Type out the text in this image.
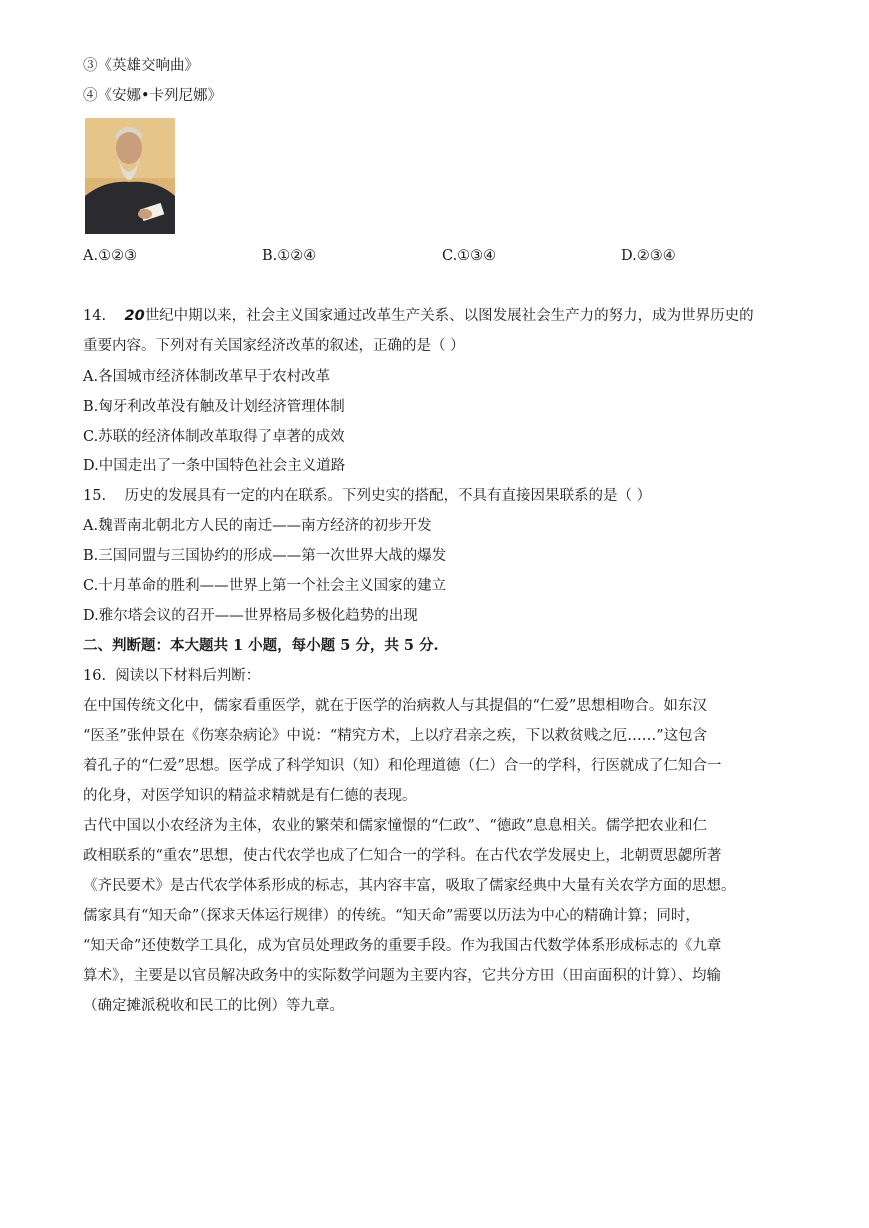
③《英雄交响曲》
④《安娜•卡列尼娜》
A.①②③	B.①②④	C.①③④	D.②③④
14. 20世纪中期以来，社会主义国家通过改革生产关系、以图发展社会生产力的努力，成为世界历史的
重要内容。下列对有关国家经济改革的叙述，正确的是（ ）
A.各国城市经济体制改革早于农村改革
B.匈牙利改革没有触及计划经济管理体制
C.苏联的经济体制改革取得了卓著的成效
D.中国走出了一条中国特色社会主义道路
15. 历史的发展具有一定的内在联系。下列史实的搭配，不具有直接因果联系的是（ ）
A.魏晋南北朝北方人民的南迁——南方经济的初步开发
B.三国同盟与三国协约的形成——第一次世界大战的爆发
C.十月革命的胜利——世界上第一个社会主义国家的建立
D.雅尔塔会议的召开——世界格局多极化趋势的出现
二、判断题：本大题共 1 小题，每小题 5 分，共 5 分.
16. 阅读以下材料后判断：
在中国传统文化中，儒家看重医学，就在于医学的治病救人与其提倡的“仁爱”思想相吻合。如东汉
“医圣”张仲景在《伤寒杂病论》中说：“精究方术，上以疗君亲之疾，下以救贫贱之厄……”这包含
着孔子的“仁爱”思想。医学成了科学知识（知）和伦理道德（仁）合一的学科，行医就成了仁知合一
的化身，对医学知识的精益求精就是有仁德的表现。
古代中国以小农经济为主体，农业的繁荣和儒家憧憬的“仁政”、“德政”息息相关。儒学把农业和仁
政相联系的“重农”思想，使古代农学也成了仁知合一的学科。在古代农学发展史上，北朝贾思勰所著
《齐民要术》是古代农学体系形成的标志，其内容丰富，吸取了儒家经典中大量有关农学方面的思想。
儒家具有“知天命”（探求天体运行规律）的传统。“知天命”需要以历法为中心的精确计算；同时，
“知天命”还使数学工具化，成为官员处理政务的重要手段。作为我国古代数学体系形成标志的《九章
算术》，主要是以官员解决政务中的实际数学问题为主要内容，它共分方田（田亩面积的计算）、均输
（确定摊派税收和民工的比例）等九章。
